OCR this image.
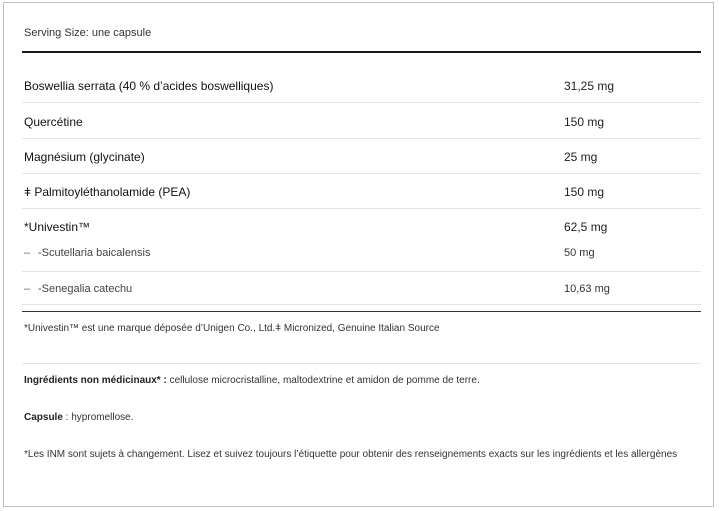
Serving Size: une capsule
Boswellia serrata (40 % d’acides boswelliques)	31,25 mg
Quercétine	150 mg
Magnésium (glycinate)	25 mg
ǂ Palmitoyléthanolamide (PEA)	150 mg
*Univestin™	62,5 mg
– -Scutellaria baicalensis	50 mg
– -Senegalia catechu	10,63 mg
*Univestin™ est une marque déposée d’Unigen Co., Ltd.ǂ Micronized, Genuine Italian Source
Ingrédients non médicinaux* : cellulose microcristalline, maltodextrine et amidon de pomme de terre.
Capsule : hypromellose.
*Les INM sont sujets à changement. Lisez et suivez toujours l’étiquette pour obtenir des renseignements exacts sur les ingrédients et les allergènes
